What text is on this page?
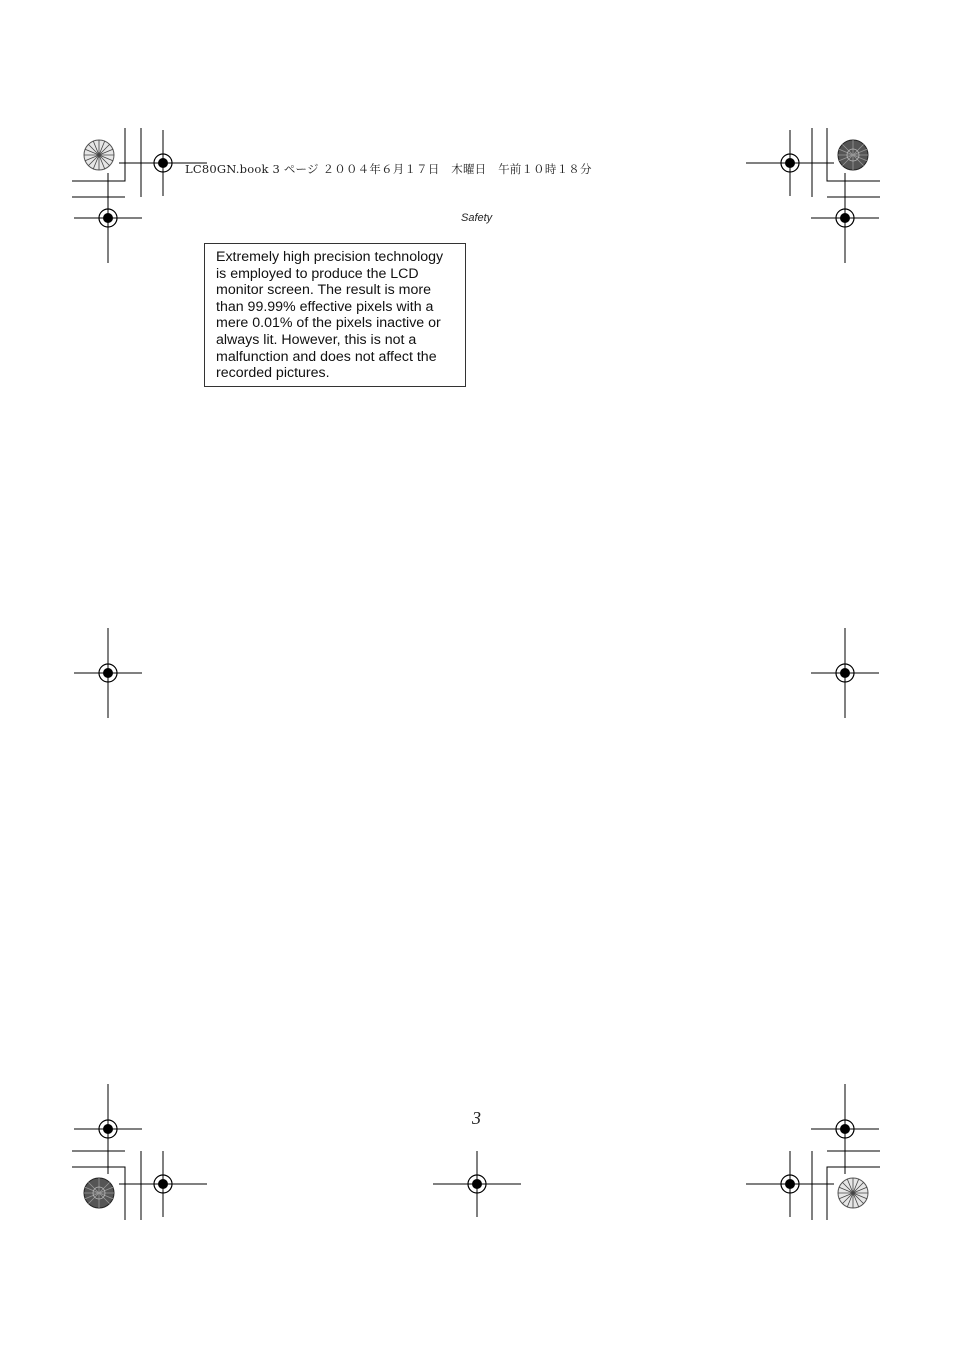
LC80GN.book 3 ページ ２００４年６月１７日　木曜日　午前１０時１８分
Safety

Extremely high precision technology is employed to produce the LCD monitor screen. The result is more than 99.99% effective pixels with a mere 0.01% of the pixels inactive or always lit. However, this is not a malfunction and does not affect the recorded pictures.

3
